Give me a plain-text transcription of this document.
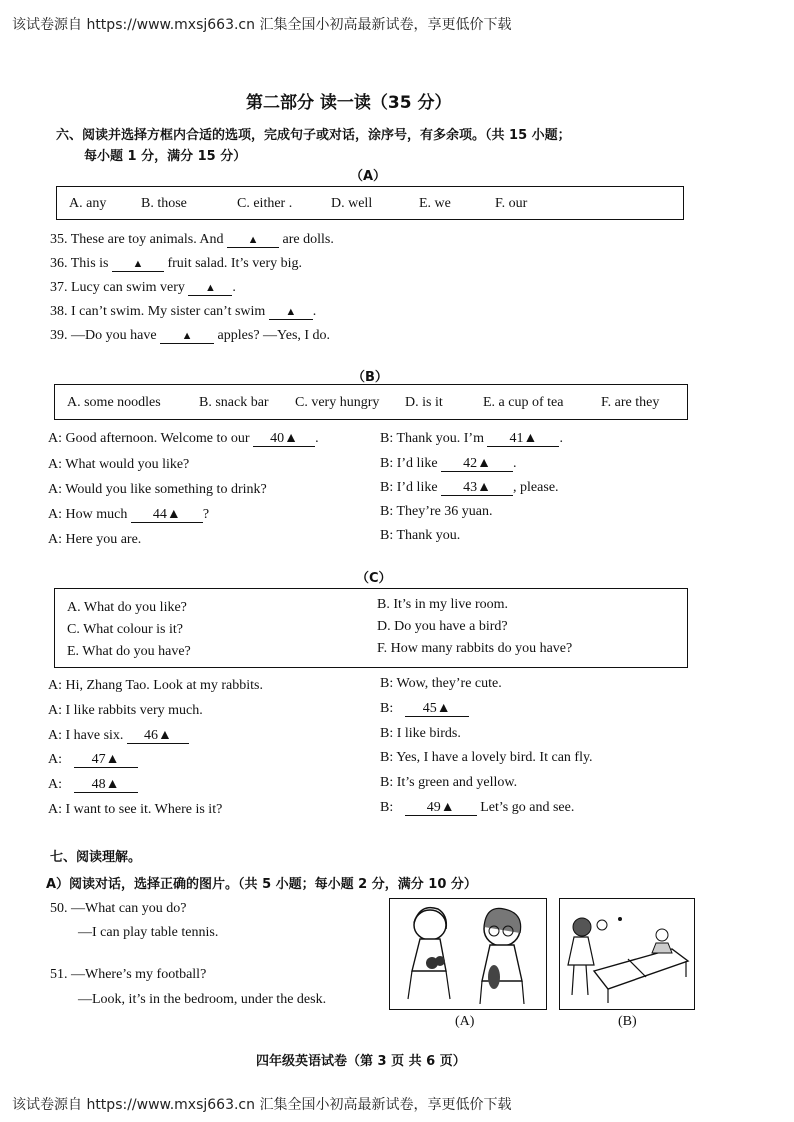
该试卷源自 https://www.mxsj663.cn 汇集全国小初高最新试卷，享更低价下载
第二部分 读一读（35 分）
六、阅读并选择方框内合适的选项，完成句子或对话，涂序号，有多余项。（共 15 小题；
每小题 1 分，满分 15 分）
（A）
A. any B. those	C. either .	D. well	E. we	F. our
35. These are toy animals. And ▲ are dolls.
36. This is ▲ fruit salad. It’s very big.
37. Lucy can swim very ▲ .
38. I can’t swim. My sister can’t swim ▲ .
39. —Do you have ▲ apples? —Yes, I do.
（B）
A. some noodles	B. snack bar C. very hungry D. is it	E. a cup of tea	F. are they
A: Good afternoon. Welcome to our 40▲ .
A: What would you like?
A: Would you like something to drink?
A: How much 44▲ ?
A: Here you are.
B: Thank you. I’m 41▲ .
B: I’d like 42▲ .
B: I’d like 43▲ , please.
B: They’re 36 yuan.
B: Thank you.
（C）
A. What do you like?
C. What colour is it?
E. What do you have?
B. It’s in my live room.
D. Do you have a bird?
F. How many rabbits do you have?
A: Hi, Zhang Tao. Look at my rabbits.
A: I like rabbits very much.
A: I have six. 46▲
A: 47▲
A: 48▲
A: I want to see it. Where is it?
B: Wow, they’re cute.
B: 45▲
B: I like birds.
B: Yes, I have a lovely bird. It can fly.
B: It’s green and yellow.
B: 49▲ Let’s go and see.
七、阅读理解。
A）阅读对话，选择正确的图片。（共 5 小题；每小题 2 分，满分 10 分）
50. —What can you do?
—I can play table tennis.
51. —Where’s my football?
—Look, it’s in the bedroom, under the desk.
(A)	(B)
四年级英语试卷（第 3 页 共 6 页）
该试卷源自 https://www.mxsj663.cn 汇集全国小初高最新试卷，享更低价下载
